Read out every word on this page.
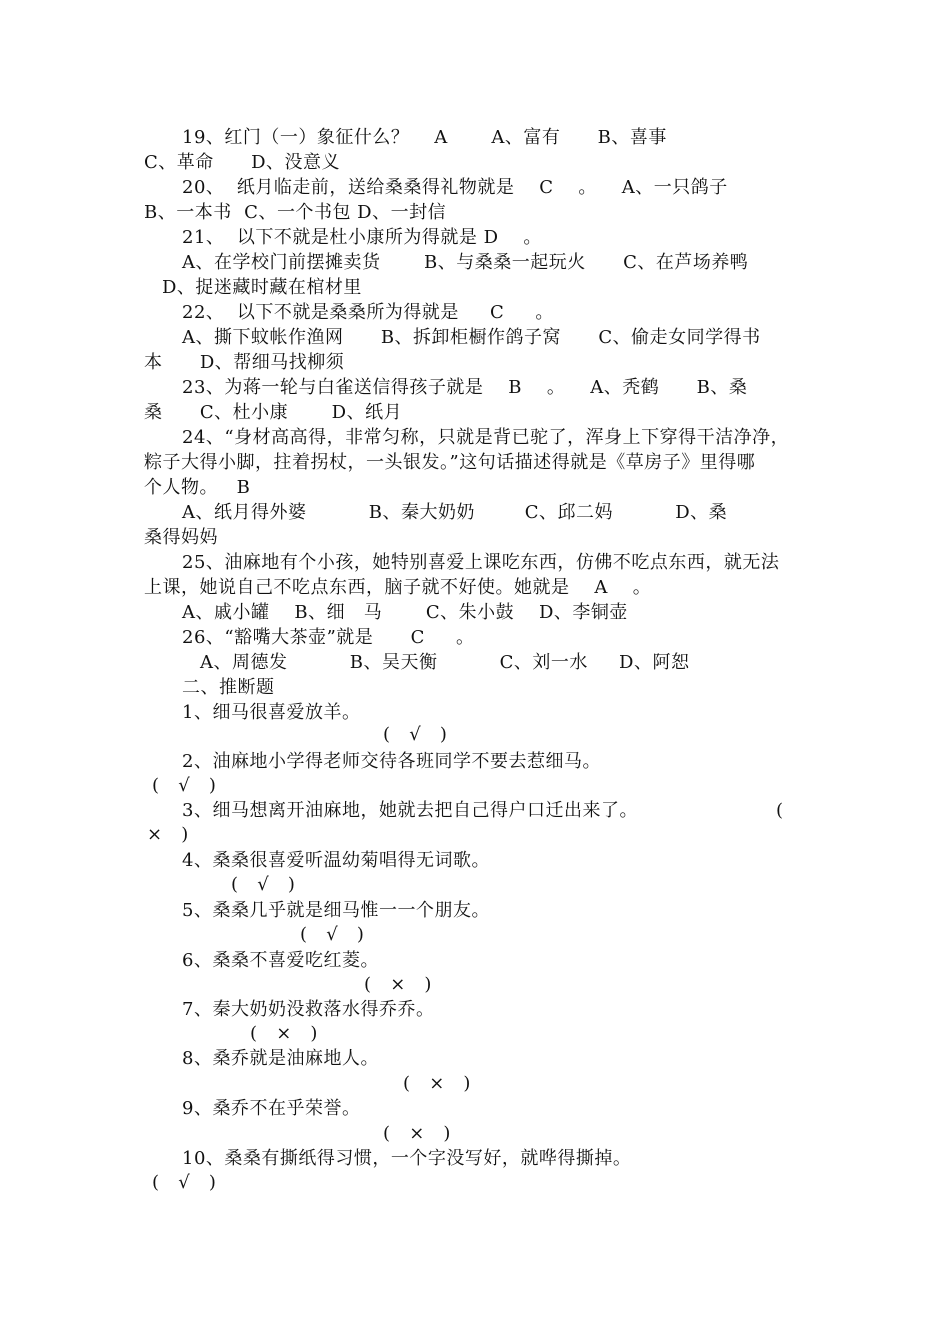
19、红门（一）象征什么？    A       A、富有      B、喜事
C、革命      D、没意义
20、  纸月临走前，送给桑桑得礼物就是    C    。    A、一只鸽子
B、一本书  C、一个书包 D、一封信
21、  以下不就是杜小康所为得就是 D    。
A、在学校门前摆摊卖货       B、与桑桑一起玩火      C、在芦场养鸭
D、捉迷藏时藏在棺材里
22、  以下不就是桑桑所为得就是     C     。
A、撕下蚊帐作渔网      B、拆卸柜橱作鸽子窝      C、偷走女同学得书
本      D、帮细马找柳须
23、为蒋一轮与白雀送信得孩子就是    B    。    A、秃鹤      B、桑
桑      C、杜小康       D、纸月
24、“身材高高得，非常匀称，只就是背已驼了，浑身上下穿得干洁净净，
粽子大得小脚，拄着拐杖，一头银发。”这句话描述得就是《草房子》里得哪
个人物。   B
A、纸月得外婆          B、秦大奶奶        C、邱二妈          D、桑
桑得妈妈
25、油麻地有个小孩，她特别喜爱上课吃东西，仿佛不吃点东西，就无法
上课，她说自己不吃点东西，脑子就不好使。她就是    A    。
A、戚小罐    B、细   马       C、朱小鼓    D、李铜壶
26、“豁嘴大茶壶”就是      C     。
A、周德发          B、吴天衡          C、刘一水     D、阿恕
二、推断题
1、细马很喜爱放羊。
(   √   )
2、油麻地小学得老师交待各班同学不要去惹细马。
(   √   )
3、细马想离开油麻地，她就去把自己得户口迁出来了。	(
×   )
4、桑桑很喜爱听温幼菊唱得无词歌。
(   √   )
5、桑桑几乎就是细马惟一一个朋友。
(   √   )
6、桑桑不喜爱吃红菱。
(   ×   )
7、秦大奶奶没救落水得乔乔。
(   ×   )
8、桑乔就是油麻地人。
(   ×   )
9、桑乔不在乎荣誉。
(   ×   )
10、桑桑有撕纸得习惯，一个字没写好，就哗得撕掉。
(   √   )
